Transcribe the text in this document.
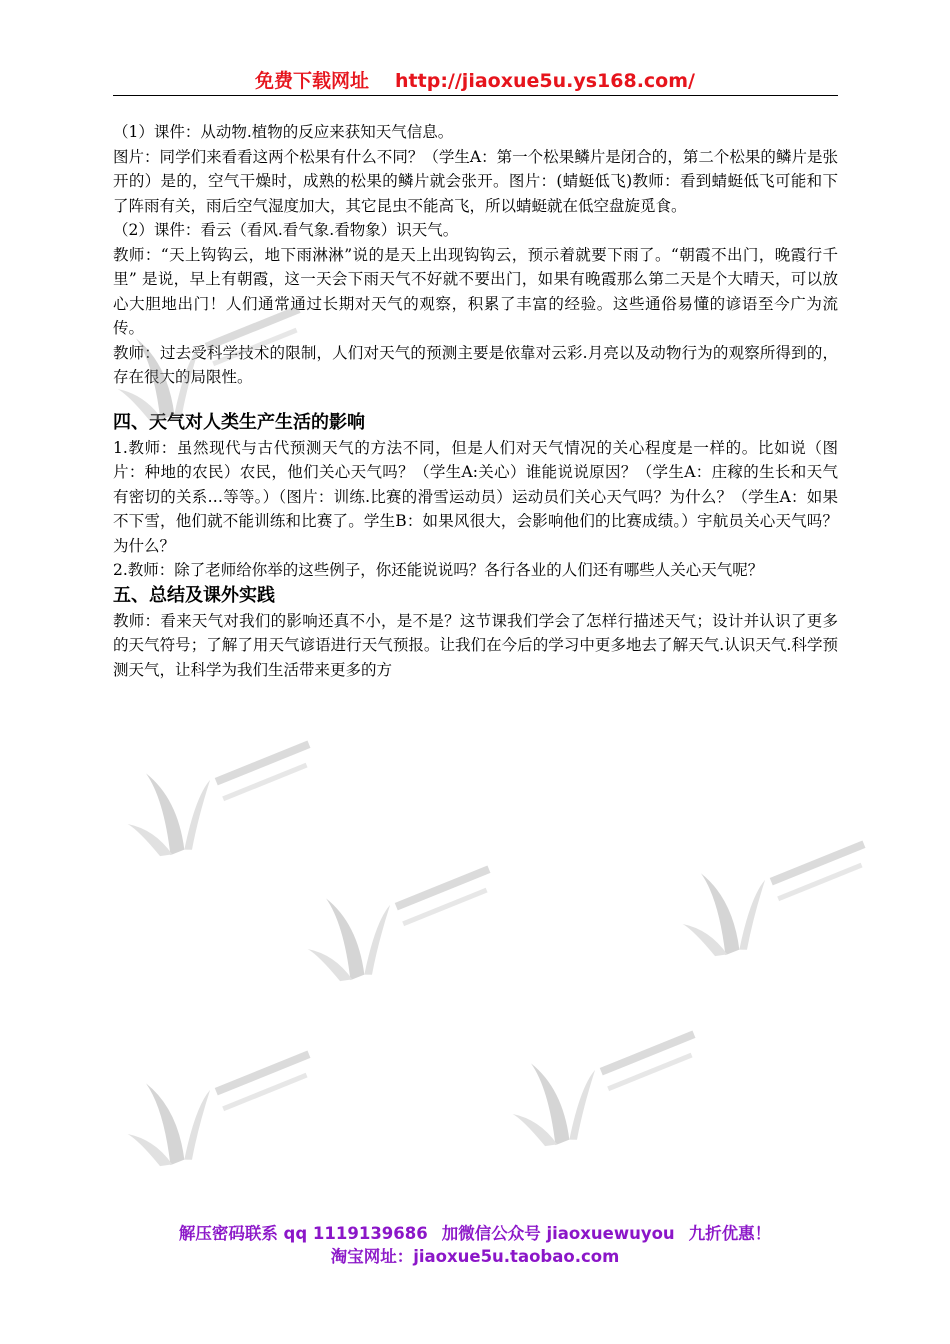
免费下载网址 http://jiaoxue5u.ys168.com/

（1）课件：从动物.植物的反应来获知天气信息。

图片：同学们来看看这两个松果有什么不同？（学生A：第一个松果鳞片是闭合的，第二个松果的鳞片是张开的）是的，空气干燥时，成熟的松果的鳞片就会张开。图片：(蜻蜓低飞)教师：看到蜻蜓低飞可能和下了阵雨有关，雨后空气湿度加大，其它昆虫不能高飞，所以蜻蜓就在低空盘旋觅食。

（2）课件：看云（看风.看气象.看物象）识天气。

教师：“天上钩钩云，地下雨淋淋”说的是天上出现钩钩云，预示着就要下雨了。“朝霞不出门，晚霞行千里” 是说，早上有朝霞，这一天会下雨天气不好就不要出门，如果有晚霞那么第二天是个大晴天，可以放心大胆地出门！人们通常通过长期对天气的观察，积累了丰富的经验。这些通俗易懂的谚语至今广为流传。

教师：过去受科学技术的限制，人们对天气的预测主要是依靠对云彩.月亮以及动物行为的观察所得到的，存在很大的局限性。

四、天气对人类生产生活的影响

1.教师：虽然现代与古代预测天气的方法不同，但是人们对天气情况的关心程度是一样的。比如说（图片：种地的农民）农民，他们关心天气吗？（学生A:关心）谁能说说原因？（学生A：庄稼的生长和天气有密切的关系…等等。）（图片：训练.比赛的滑雪运动员）运动员们关心天气吗？为什么？（学生A：如果不下雪，他们就不能训练和比赛了。学生B：如果风很大，会影响他们的比赛成绩。）宇航员关心天气吗？为什么？

2.教师：除了老师给你举的这些例子，你还能说说吗？各行各业的人们还有哪些人关心天气呢？

五、总结及课外实践

教师：看来天气对我们的影响还真不小，是不是？这节课我们学会了怎样行描述天气；设计并认识了更多的天气符号；了解了用天气谚语进行天气预报。让我们在今后的学习中更多地去了解天气.认识天气.科学预测天气，让科学为我们生活带来更多的方

解压密码联系 qq 1119139686 加微信公众号 jiaoxuewuyou 九折优惠！
淘宝网址：jiaoxue5u.taobao.com
